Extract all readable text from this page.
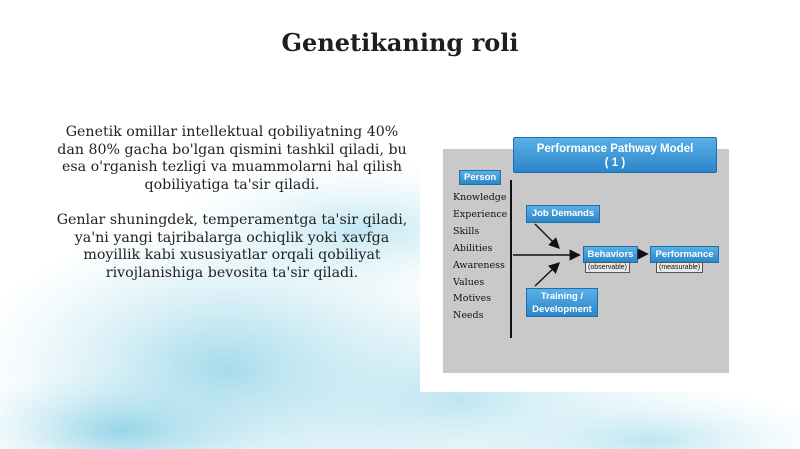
Genetikaning roli

Genetik omillar intellektual qobiliyatning 40% dan 80% gacha bo'lgan qismini tashkil qiladi, bu esa o'rganish tezligi va muammolarni hal qilish qobiliyatiga ta'sir qiladi.

Genlar shuningdek, temperamentga ta'sir qiladi, ya'ni yangi tajribalarga ochiqlik yoki xavfga moyillik kabi xususiyatlar orqali qobiliyat rivojlanishiga bevosita ta'sir qiladi.

Performance Pathway Model
( 1 )
Person
Knowledge
Experience
Skills
Abilities
Awareness
Values
Motives
Needs
Job Demands
Training /
Development
Behaviors
(observable)
Performance
(measurable)
